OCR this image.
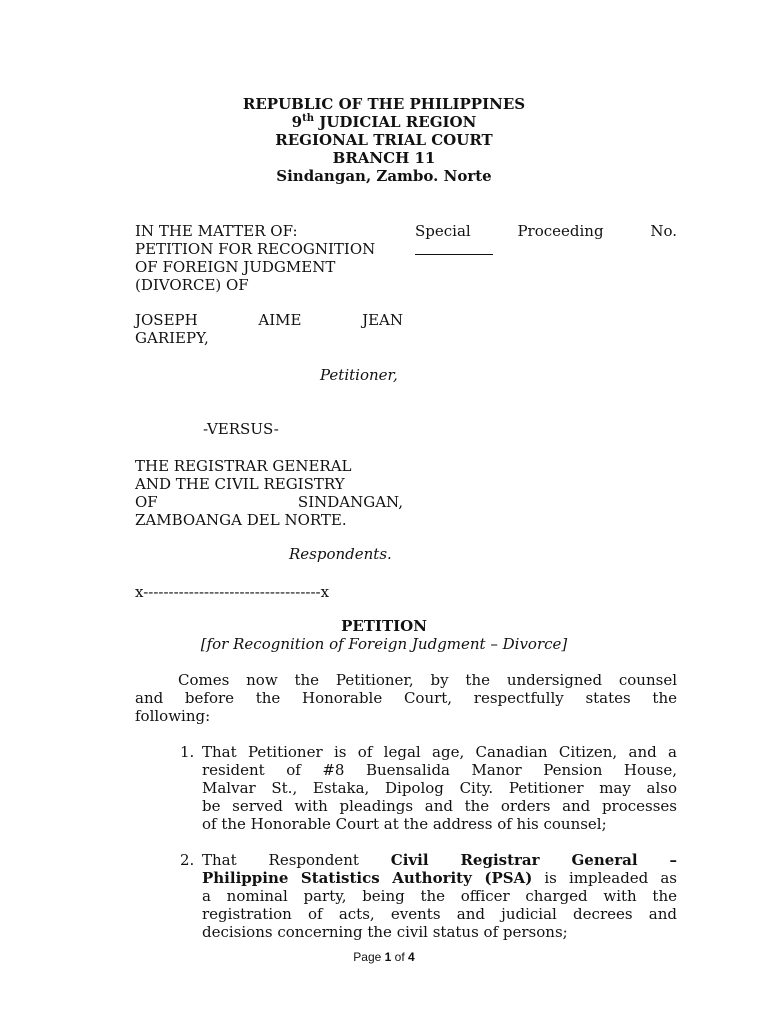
REPUBLIC OF THE PHILIPPINES
9th JUDICIAL REGION
REGIONAL TRIAL COURT
BRANCH 11
Sindangan, Zambo. Norte
IN THE MATTER OF:
PETITION FOR RECOGNITION
OF FOREIGN JUDGMENT
(DIVORCE) OF
JOSEPH AIME JEAN
GARIEPY,
Petitioner,
-VERSUS-
THE REGISTRAR GENERAL
AND THE CIVIL REGISTRY
OF SINDANGAN,
ZAMBOANGA DEL NORTE.
Respondents.
x-----------------------------------x
Special Proceeding No.
PETITION
[for Recognition of Foreign Judgment – Divorce]
Comes now the Petitioner, by the undersigned counsel
and before the Honorable Court, respectfully states the
following:
1. That Petitioner is of legal age, Canadian Citizen, and a
resident of #8 Buensalida Manor Pension House,
Malvar St., Estaka, Dipolog City. Petitioner may also
be served with pleadings and the orders and processes
of the Honorable Court at the address of his counsel;
2. That Respondent Civil Registrar General –
Philippine Statistics Authority (PSA) is impleaded as
a nominal party, being the officer charged with the
registration of acts, events and judicial decrees and
decisions concerning the civil status of persons;
Page 1 of 4
